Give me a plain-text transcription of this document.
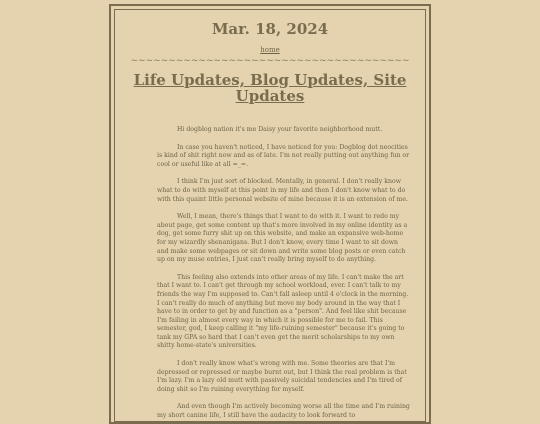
Mar. 18, 2024
home
~~~~~~~~~~~~~~~~~~~~~~~~~~~~~~~~~~~~~
Life Updates, Blog Updates, Site Updates

Hi dogblog nation it's me Daisy your favorite neighborhood mutt.

In case you haven't noticed, I have noticed for you: Dogblog dot neocities is kind of shit right now and as of late. I'm not really putting out anything fun or cool or useful like at all =_=.

I think I'm just sort of blocked. Mentally, in general. I don't really know what to do with myself at this point in my life and then I don't know what to do with this quaint little personal website of mine because it is an extension of me.

Well, I mean, there's things that I want to do with it. I want to redo my about page, get some content up that's more involved in my online identity as a dog, get some furry shit up on this website, and make an expansive web-home for my wizardly shenanigans. But I don't know, every time I want to sit down and make some webpages or sit down and write some blog posts or even catch up on my muse entries, I just can't really bring myself to do anything.

This feeling also extends into other areas of my life. I can't make the art that I want to. I can't get through my school workload, ever. I can't talk to my friends the way I'm supposed to. Can't fall asleep until 4 o'clock in the morning. I can't really do much of anything but move my body around in the way that I have to in order to get by and function as a "person". And feel like shit because I'm failing in almost every way in which it is possible for me to fail. This semester, god, I keep calling it "my life-ruining semester" because it's going to tank my GPA so hard that I can't even get the merit scholarships to my own shitty home-state's universities.

I don't really know what's wrong with me. Some theories are that I'm depressed or repressed or maybe burnt out, but I think the real problem is that I'm lazy. I'm a lazy old mutt with passively suicidal tendencies and I'm tired of doing shit so I'm ruining everything for myself.

And even though I'm actively becoming worse all the time and I'm ruining my short canine life, I still have the audacity to look forward to
